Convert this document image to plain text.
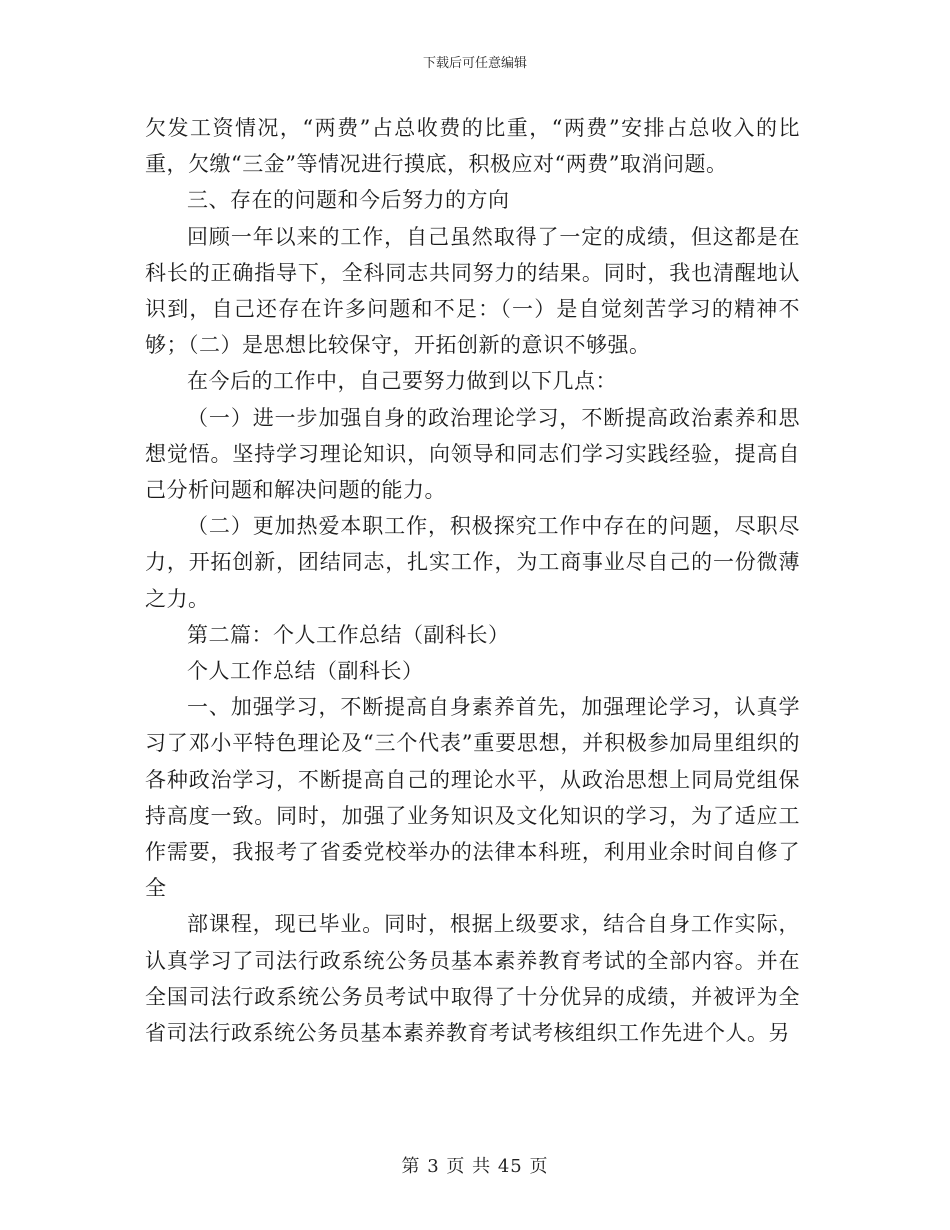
下载后可任意编辑

欠发工资情况，“两费”占总收费的比重，“两费”安排占总收入的比重，欠缴“三金”等情况进行摸底，积极应对“两费”取消问题。

三、存在的问题和今后努力的方向

回顾一年以来的工作，自己虽然取得了一定的成绩，但这都是在科长的正确指导下，全科同志共同努力的结果。同时，我也清醒地认识到，自己还存在许多问题和不足：（一）是自觉刻苦学习的精神不够；（二）是思想比较保守，开拓创新的意识不够强。

在今后的工作中，自己要努力做到以下几点：

（一）进一步加强自身的政治理论学习，不断提高政治素养和思想觉悟。坚持学习理论知识，向领导和同志们学习实践经验，提高自己分析问题和解决问题的能力。

（二）更加热爱本职工作，积极探究工作中存在的问题，尽职尽力，开拓创新，团结同志，扎实工作，为工商事业尽自己的一份微薄之力。

第二篇：个人工作总结（副科长）

个人工作总结（副科长）

一、加强学习，不断提高自身素养首先，加强理论学习，认真学习了邓小平特色理论及“三个代表”重要思想，并积极参加局里组织的各种政治学习，不断提高自己的理论水平，从政治思想上同局党组保持高度一致。同时，加强了业务知识及文化知识的学习，为了适应工作需要，我报考了省委党校举办的法律本科班，利用业余时间自修了全

部课程，现已毕业。同时，根据上级要求，结合自身工作实际，认真学习了司法行政系统公务员基本素养教育考试的全部内容。并在全国司法行政系统公务员考试中取得了十分优异的成绩，并被评为全省司法行政系统公务员基本素养教育考试考核组织工作先进个人。另

第 3 页 共 45 页
